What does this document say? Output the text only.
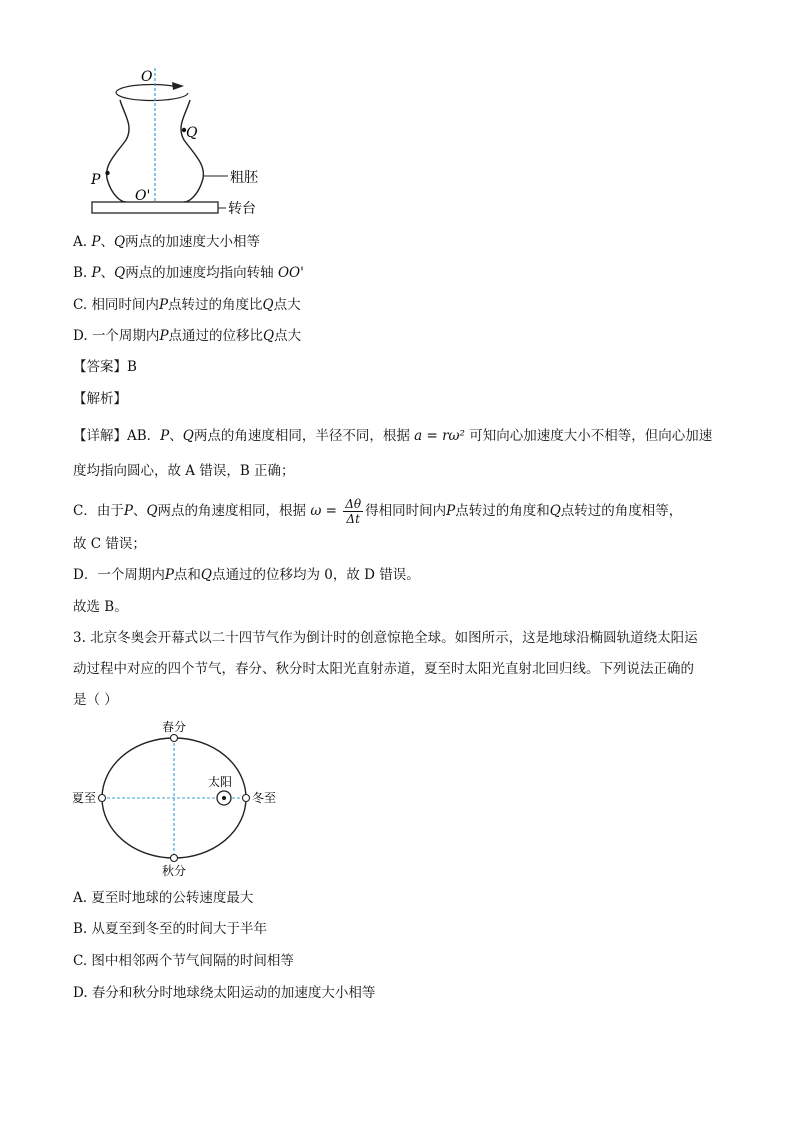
O
O'
P
Q
粗胚
转台
A. P、Q两点的加速度大小相等
B. P、Q两点的加速度均指向转轴 OO'
C. 相同时间内P点转过的角度比Q点大
D. 一个周期内P点通过的位移比Q点大
【答案】B
【解析】
【详解】AB．P、Q两点的角速度相同，半径不同，根据 a = rω² 可知向心加速度大小不相等，但向心加速
度均指向圆心，故 A 错误，B 正确；
C．由于P、Q两点的角速度相同，根据 $\omega = \frac{\Delta\theta}{\Delta t}$ 得相同时间内P点转过的角度和Q点转过的角度相等，
故 C 错误；
D．一个周期内P点和Q点通过的位移均为 0，故 D 错误。
故选 B。
3. 北京冬奥会开幕式以二十四节气作为倒计时的创意惊艳全球。如图所示，这是地球沿椭圆轨道绕太阳运
动过程中对应的四个节气，春分、秋分时太阳光直射赤道，夏至时太阳光直射北回归线。下列说法正确的
是（ ）
春分
秋分
夏至	冬至
太阳
A. 夏至时地球的公转速度最大
B. 从夏至到冬至的时间大于半年
C. 图中相邻两个节气间隔的时间相等
D. 春分和秋分时地球绕太阳运动的加速度大小相等
